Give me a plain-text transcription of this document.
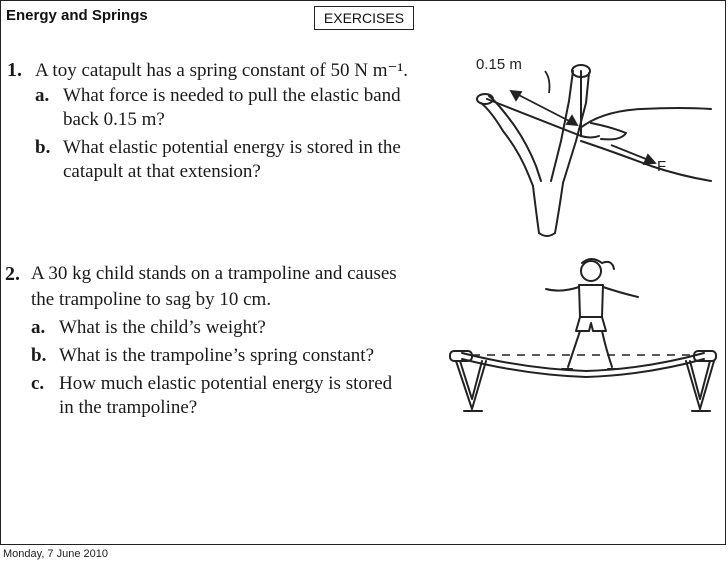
Energy and Springs	EXERCISES
1. A toy catapult has a spring constant of 50 N m⁻¹.
a. What force is needed to pull the elastic band
back 0.15 m?
b. What elastic potential energy is stored in the
catapult at that extension?
2. A 30 kg child stands on a trampoline and causes
the trampoline to sag by 10 cm.
a. What is the child’s weight?
b. What is the trampoline’s spring constant?
c. How much elastic potential energy is stored
in the trampoline?
0.15 m
F
Monday, 7 June 2010
